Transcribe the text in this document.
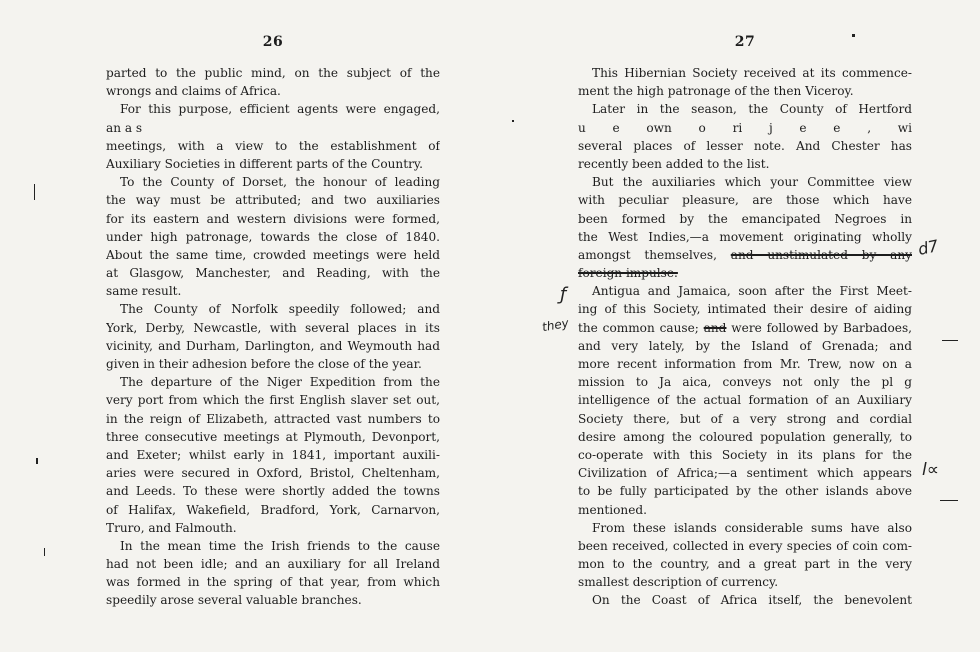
26
parted to the public mind, on the subject of the
wrongs and claims of Africa.
For this purpose, efficient agents were engaged,
an a s
meetings, with a view to the establishment of
Auxiliary Societies in different parts of the Country.
To the County of Dorset, the honour of leading
the way must be attributed; and two auxiliaries
for its eastern and western divisions were formed,
under high patronage, towards the close of 1840.
About the same time, crowded meetings were held
at Glasgow, Manchester, and Reading, with the
same result.
The County of Norfolk speedily followed; and
York, Derby, Newcastle, with several places in its
vicinity, and Durham, Darlington, and Weymouth had
given in their adhesion before the close of the year.
The departure of the Niger Expedition from the
very port from which the first English slaver set out,
in the reign of Elizabeth, attracted vast numbers to
three consecutive meetings at Plymouth, Devonport,
and Exeter; whilst early in 1841, important auxili-
aries were secured in Oxford, Bristol, Cheltenham,
and Leeds. To these were shortly added the towns
of Halifax, Wakefield, Bradford, York, Carnarvon,
Truro, and Falmouth.
In the mean time the Irish friends to the cause
had not been idle; and an auxiliary for all Ireland
was formed in the spring of that year, from which
speedily arose several valuable branches.
27
This Hibernian Society received at its commence-
ment the high patronage of the then Viceroy.
Later in the season, the County of Hertford
u e own o ri j e e , wi
several places of lesser note. And Chester has
recently been added to the list.
But the auxiliaries which your Committee view
with peculiar pleasure, are those which have
been formed by the emancipated Negroes in
the West Indies,—a movement originating wholly
amongst themselves, and unstimulated by any
foreign impulse.
Antigua and Jamaica, soon after the First Meet-
ing of this Society, intimated their desire of aiding
the common cause; and were followed by Barbadoes,
and very lately, by the Island of Grenada; and
more recent information from Mr. Trew, now on a
mission to Ja aica, conveys not only the pl g
intelligence of the actual formation of an Auxiliary
Society there, but of a very strong and cordial
desire among the coloured population generally, to
co-operate with this Society in its plans for the
Civilization of Africa;—a sentiment which appears
to be fully participated by the other islands above
mentioned.
From these islands considerable sums have also
been received, collected in every species of coin com-
mon to the country, and a great part in the very
smallest description of currency.
On the Coast of Africa itself, the benevolent
ƒ
they
d7
l∝
